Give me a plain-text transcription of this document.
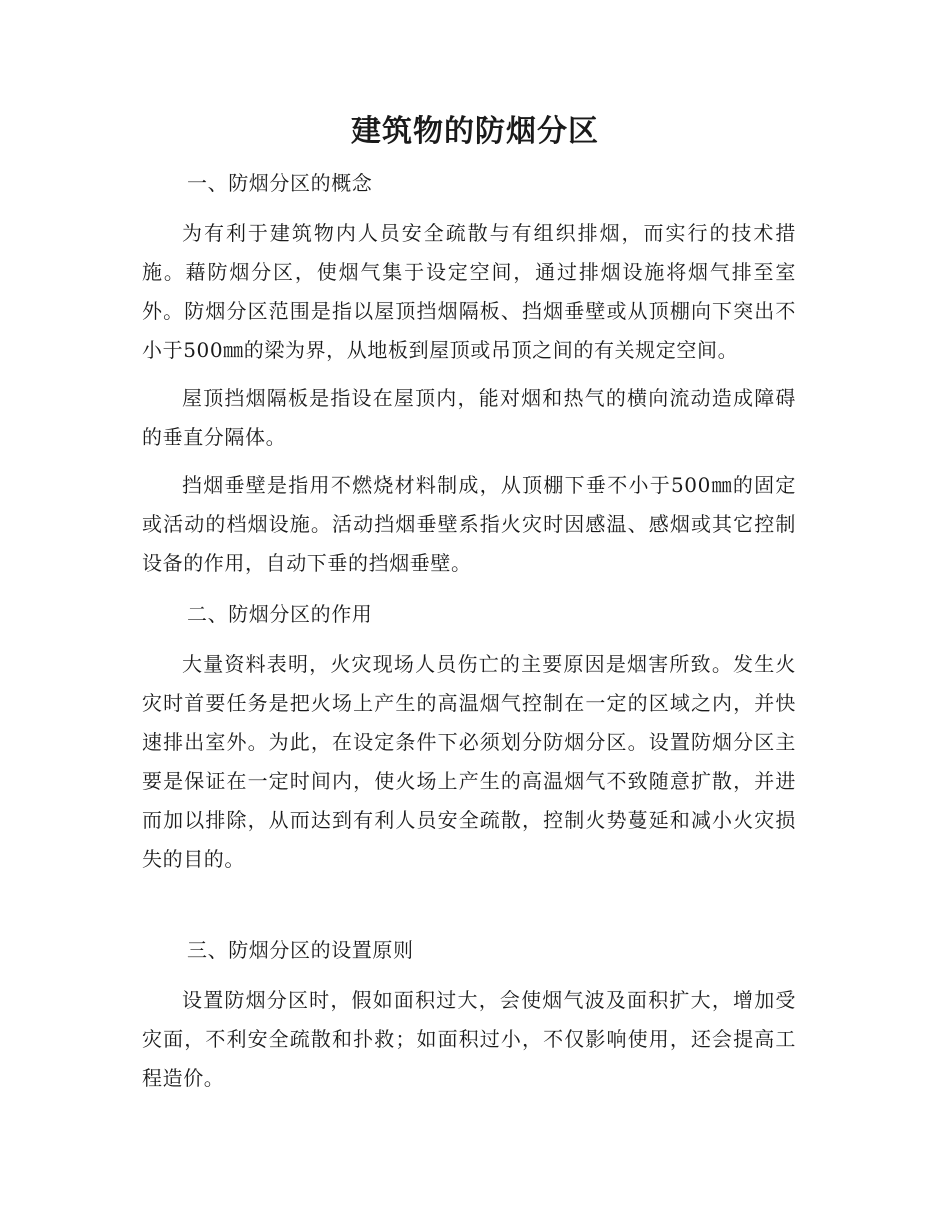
建筑物的防烟分区

一、防烟分区的概念

为有利于建筑物内人员安全疏散与有组织排烟，而实行的技术措施。藉防烟分区，使烟气集于设定空间，通过排烟设施将烟气排至室外。防烟分区范围是指以屋顶挡烟隔板、挡烟垂壁或从顶棚向下突出不小于500㎜的梁为界，从地板到屋顶或吊顶之间的有关规定空间。

屋顶挡烟隔板是指设在屋顶内，能对烟和热气的横向流动造成障碍的垂直分隔体。

挡烟垂壁是指用不燃烧材料制成，从顶棚下垂不小于500㎜的固定或活动的档烟设施。活动挡烟垂壁系指火灾时因感温、感烟或其它控制设备的作用，自动下垂的挡烟垂壁。

二、防烟分区的作用

大量资料表明，火灾现场人员伤亡的主要原因是烟害所致。发生火灾时首要任务是把火场上产生的高温烟气控制在一定的区域之内，并快速排出室外。为此，在设定条件下必须划分防烟分区。设置防烟分区主要是保证在一定时间内，使火场上产生的高温烟气不致随意扩散，并进而加以排除，从而达到有利人员安全疏散，控制火势蔓延和减小火灾损失的目的。

三、防烟分区的设置原则

设置防烟分区时，假如面积过大，会使烟气波及面积扩大，增加受灾面，不利安全疏散和扑救；如面积过小，不仅影响使用，还会提高工程造价。
